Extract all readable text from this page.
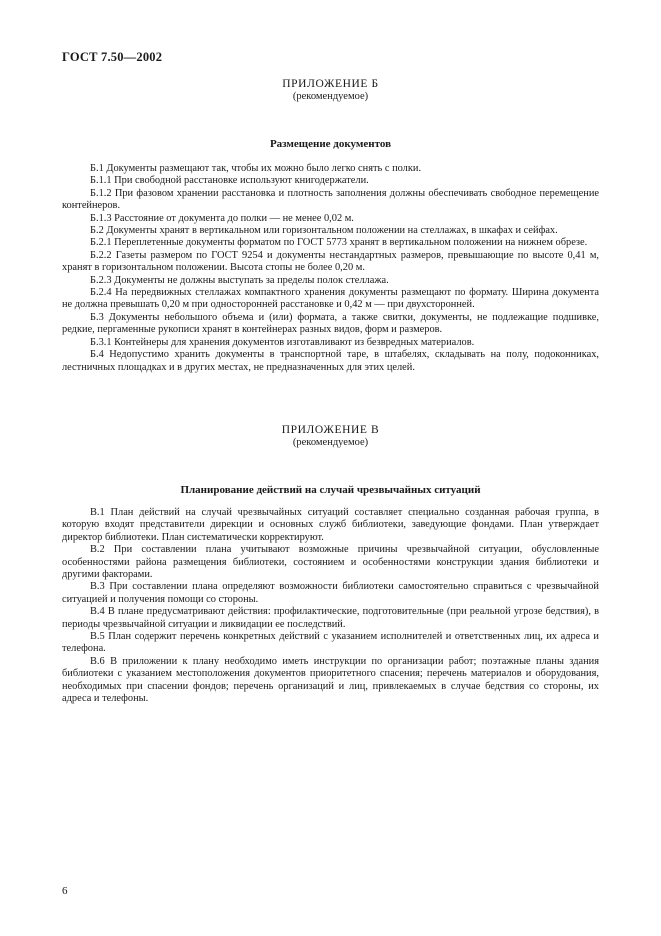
ГОСТ 7.50—2002
ПРИЛОЖЕНИЕ Б
(рекомендуемое)
Размещение документов

Б.1 Документы размещают так, чтобы их можно было легко снять с полки.

Б.1.1 При свободной расстановке используют книгодержатели.

Б.1.2 При фазовом хранении расстановка и плотность заполнения должны обеспечивать свободное перемещение контейнеров.

Б.1.3 Расстояние от документа до полки — не менее 0,02 м.

Б.2 Документы хранят в вертикальном или горизонтальном положении на стеллажах, в шкафах и сейфах.

Б.2.1 Переплетенные документы форматом по ГОСТ 5773 хранят в вертикальном положении на нижнем обрезе.

Б.2.2 Газеты размером по ГОСТ 9254 и документы нестандартных размеров, превышающие по высоте 0,41 м, хранят в горизонтальном положении. Высота стопы не более 0,20 м.

Б.2.3 Документы не должны выступать за пределы полок стеллажа.

Б.2.4 На передвижных стеллажах компактного хранения документы размещают по формату. Ширина документа не должна превышать 0,20 м при односторонней расстановке и 0,42 м — при двухсторонней.

Б.3 Документы небольшого объема и (или) формата, а также свитки, документы, не подлежащие подшивке, редкие, пергаменные рукописи хранят в контейнерах разных видов, форм и размеров.

Б.3.1 Контейнеры для хранения документов изготавливают из безвредных материалов.

Б.4 Недопустимо хранить документы в транспортной таре, в штабелях, складывать на полу, подоконниках, лестничных площадках и в других местах, не предназначенных для этих целей.

ПРИЛОЖЕНИЕ В
(рекомендуемое)
Планирование действий на случай чрезвычайных ситуаций

В.1 План действий на случай чрезвычайных ситуаций составляет специально созданная рабочая группа, в которую входят представители дирекции и основных служб библиотеки, заведующие фондами. План утверждает директор библиотеки. План систематически корректируют.

В.2 При составлении плана учитывают возможные причины чрезвычайной ситуации, обусловленные особенностями района размещения библиотеки, состоянием и особенностями конструкции здания библиотеки и другими факторами.

В.3 При составлении плана определяют возможности библиотеки самостоятельно справиться с чрезвычайной ситуацией и получения помощи со стороны.

В.4 В плане предусматривают действия: профилактические, подготовительные (при реальной угрозе бедствия), в периоды чрезвычайной ситуации и ликвидации ее последствий.

В.5 План содержит перечень конкретных действий с указанием исполнителей и ответственных лиц, их адреса и телефона.

В.6 В приложении к плану необходимо иметь инструкции по организации работ; поэтажные планы здания библиотеки с указанием местоположения документов приоритетного спасения; перечень материалов и оборудования, необходимых при спасении фондов; перечень организаций и лиц, привлекаемых в случае бедствия со стороны, их адреса и телефоны.

6
